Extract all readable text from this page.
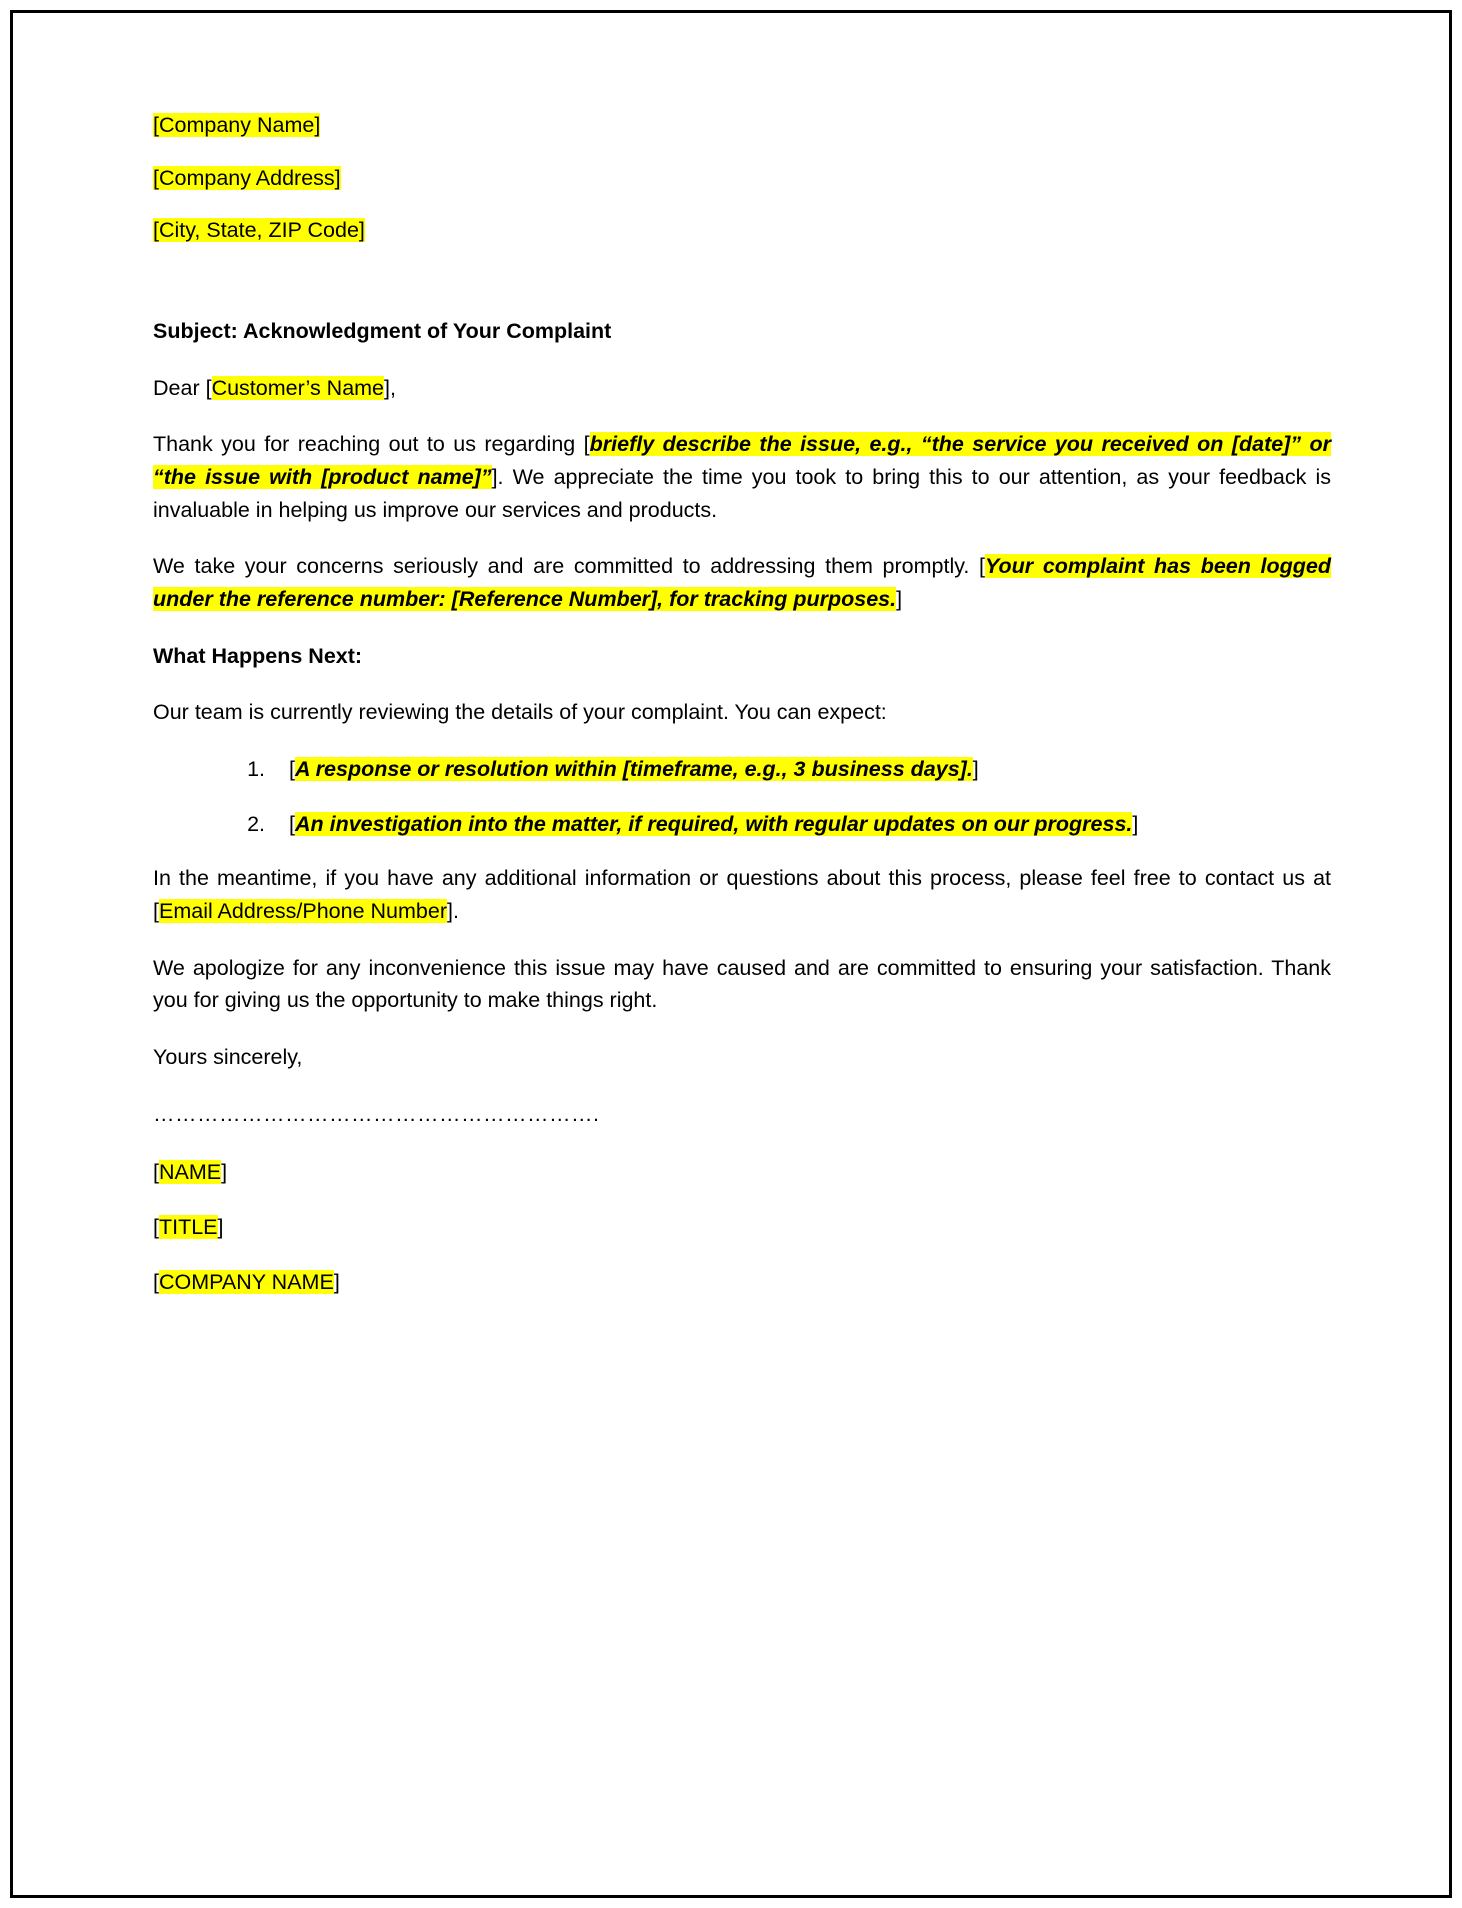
[Company Name]
[Company Address]
[City, State, ZIP Code]

Subject: Acknowledgment of Your Complaint

Dear [Customer’s Name],

Thank you for reaching out to us regarding [briefly describe the issue, e.g., “the service you received on [date]” or “the issue with [product name]”]. We appreciate the time you took to bring this to our attention, as your feedback is invaluable in helping us improve our services and products.

We take your concerns seriously and are committed to addressing them promptly. [Your complaint has been logged under the reference number: [Reference Number], for tracking purposes.]

What Happens Next:

Our team is currently reviewing the details of your complaint. You can expect:

1. [A response or resolution within [timeframe, e.g., 3 business days].]
2. [An investigation into the matter, if required, with regular updates on our progress.]

In the meantime, if you have any additional information or questions about this process, please feel free to contact us at [Email Address/Phone Number].

We apologize for any inconvenience this issue may have caused and are committed to ensuring your satisfaction. Thank you for giving us the opportunity to make things right.

Yours sincerely,

…………………………………………………….
[NAME]
[TITLE]
[COMPANY NAME]
